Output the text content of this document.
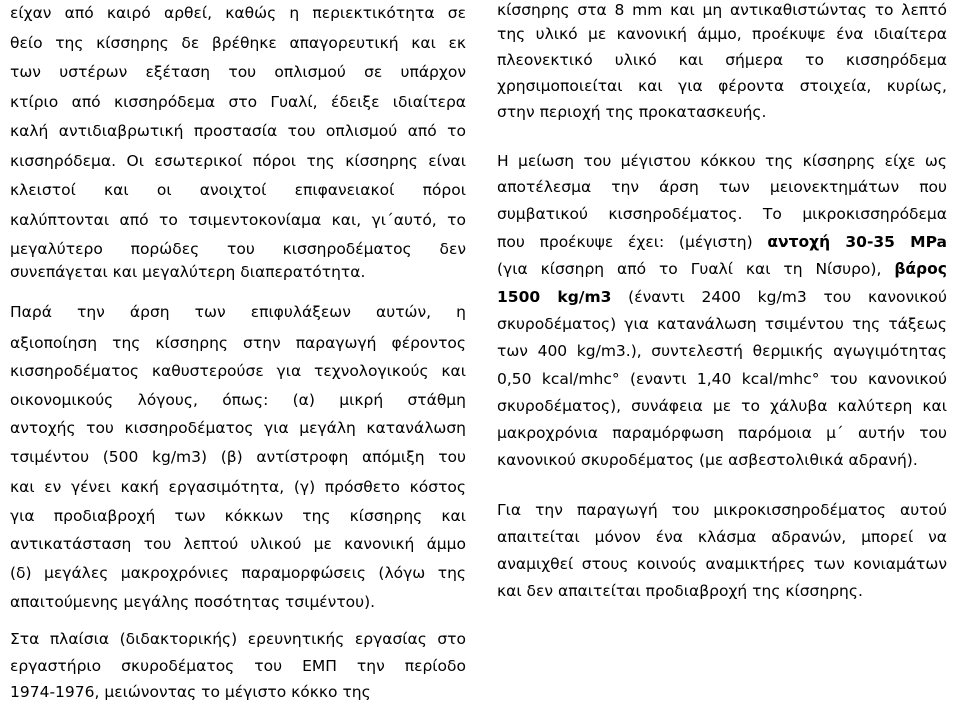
είχαν από καιρό αρθεί, καθώς η περιεκτικότητα σε
θείο της κίσσηρης δε βρέθηκε απαγορευτική και εκ
των υστέρων εξέταση του οπλισμού σε υπάρχον
κτίριο από κισσηρόδεμα στο Γυαλί, έδειξε ιδιαίτερα
καλή αντιδιαβρωτική προστασία του οπλισμού από το
κισσηρόδεμα. Οι εσωτερικοί πόροι της κίσσηρης είναι
κλειστοί και οι ανοιχτοί επιφανειακοί πόροι
καλύπτονται από το τσιμεντοκονίαμα και, γι΄αυτό, το
μεγαλύτερο πορώδες του κισσηροδέματος δεν
συνεπάγεται και μεγαλύτερη διαπερατότητα.
Παρά την άρση των επιφυλάξεων αυτών, η
αξιοποίηση της κίσσηρης στην παραγωγή φέροντος
κισσηροδέματος καθυστερούσε για τεχνολογικούς και
οικονομικούς λόγους, όπως: (α) μικρή στάθμη
αντοχής του κισσηροδέματος για μεγάλη κατανάλωση
τσιμέντου (500 kg/m3) (β) αντίστροφη απόμιξη του
και εν γένει κακή εργασιμότητα, (γ) πρόσθετο κόστος
για προδιαβροχή των κόκκων της κίσσηρης και
αντικατάσταση του λεπτού υλικού με κανονική άμμο
(δ) μεγάλες μακροχρόνιες παραμορφώσεις (λόγω της
απαιτούμενης μεγάλης ποσότητας τσιμέντου).
Στα πλαίσια (διδακτορικής) ερευνητικής εργασίας στο
εργαστήριο σκυροδέματος του ΕΜΠ την περίοδο
1974-1976, μειώνοντας το μέγιστο κόκκο της
κίσσηρης στα 8 mm και μη αντικαθιστώντας το λεπτό
της υλικό με κανονική άμμο, προέκυψε ένα ιδιαίτερα
πλεονεκτικό υλικό και σήμερα το κισσηρόδεμα
χρησιμοποιείται και για φέροντα στοιχεία, κυρίως,
στην περιοχή της προκατασκευής.
Η μείωση του μέγιστου κόκκου της κίσσηρης είχε ως
αποτέλεσμα την άρση των μειονεκτημάτων που
συμβατικού κισσηροδέματος. Το μικροκισσηρόδεμα
που προέκυψε έχει: (μέγιστη) αντοχή 30-35 MPa
(για κίσσηρη από το Γυαλί και τη Νίσυρο), βάρος
1500 kg/m3 (έναντι 2400 kg/m3 του κανονικού
σκυροδέματος) για κατανάλωση τσιμέντου της τάξεως
των 400 kg/m3.), συντελεστή θερμικής αγωγιμότητας
0,50 kcal/mhc° (εναντι 1,40 kcal/mhc° του κανονικού
σκυροδέματος), συνάφεια με το χάλυβα καλύτερη και
μακροχρόνια παραμόρφωση παρόμοια μ΄ αυτήν του
κανονικού σκυροδέματος (με ασβεστολιθικά αδρανή).
Για την παραγωγή του μικροκισσηροδέματος αυτού
απαιτείται μόνον ένα κλάσμα αδρανών, μπορεί να
αναμιχθεί στους κοινούς αναμικτήρες των κονιαμάτων
και δεν απαιτείται προδιαβροχή της κίσσηρης.
